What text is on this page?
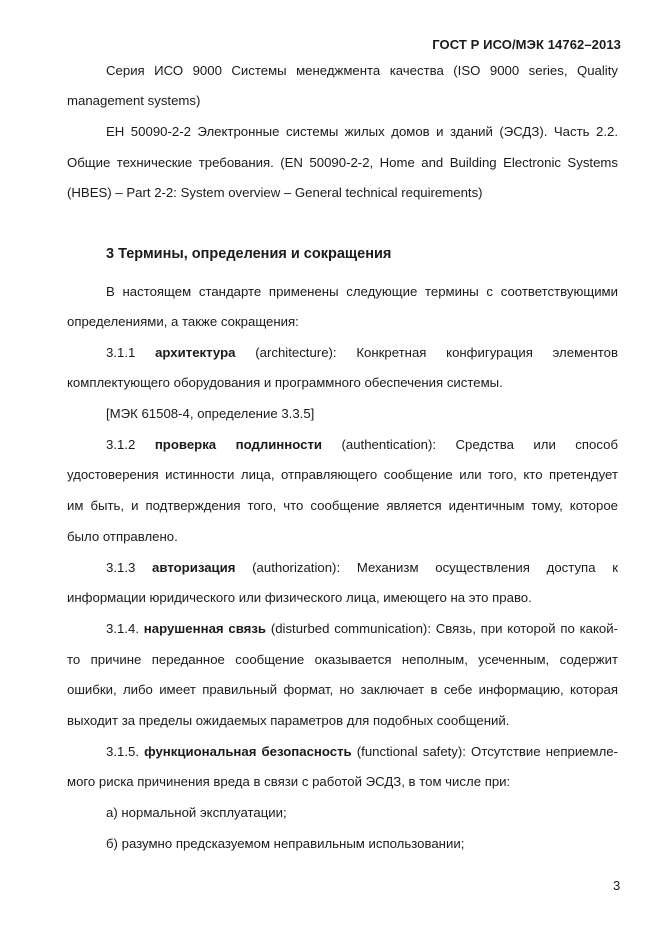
ГОСТ Р ИСО/МЭК 14762–2013
Серия ИСО 9000 Системы менеджмента качества (ISO 9000 series, Quality
management systems)
ЕН 50090-2-2 Электронные системы жилых домов и зданий (ЭСДЗ). Часть 2.2.
Общие технические требования. (EN 50090-2-2, Home and Building Electronic Systems
(HBES) – Part 2-2: System overview – General technical requirements)
3 Термины, определения и сокращения
В настоящем стандарте применены следующие термины с соответствующими
определениями, а также сокращения:
3.1.1 архитектура (architecture): Конкретная конфигурация элементов
комплектующего оборудования и программного обеспечения системы.
[МЭК 61508-4, определение 3.3.5]
3.1.2 проверка подлинности (authentication): Средства или способ
удостоверения истинности лица, отправляющего сообщение или того, кто претендует
им быть, и подтверждения того, что сообщение является идентичным тому, которое
было отправлено.
3.1.3 авторизация (authorization): Механизм осуществления доступа к
информации юридического или физического лица, имеющего на это право.
3.1.4. нарушенная связь (disturbed communication): Связь, при которой по какой-
то причине переданное сообщение оказывается неполным, усеченным, содержит
ошибки, либо имеет правильный формат, но заключает в себе информацию, которая
выходит за пределы ожидаемых параметров для подобных сообщений.
3.1.5. функциональная безопасность (functional safety): Отсутствие неприемле-
мого риска причинения вреда в связи с работой ЭСДЗ, в том числе при:
а) нормальной эксплуатации;
б) разумно предсказуемом неправильным использовании;
3
